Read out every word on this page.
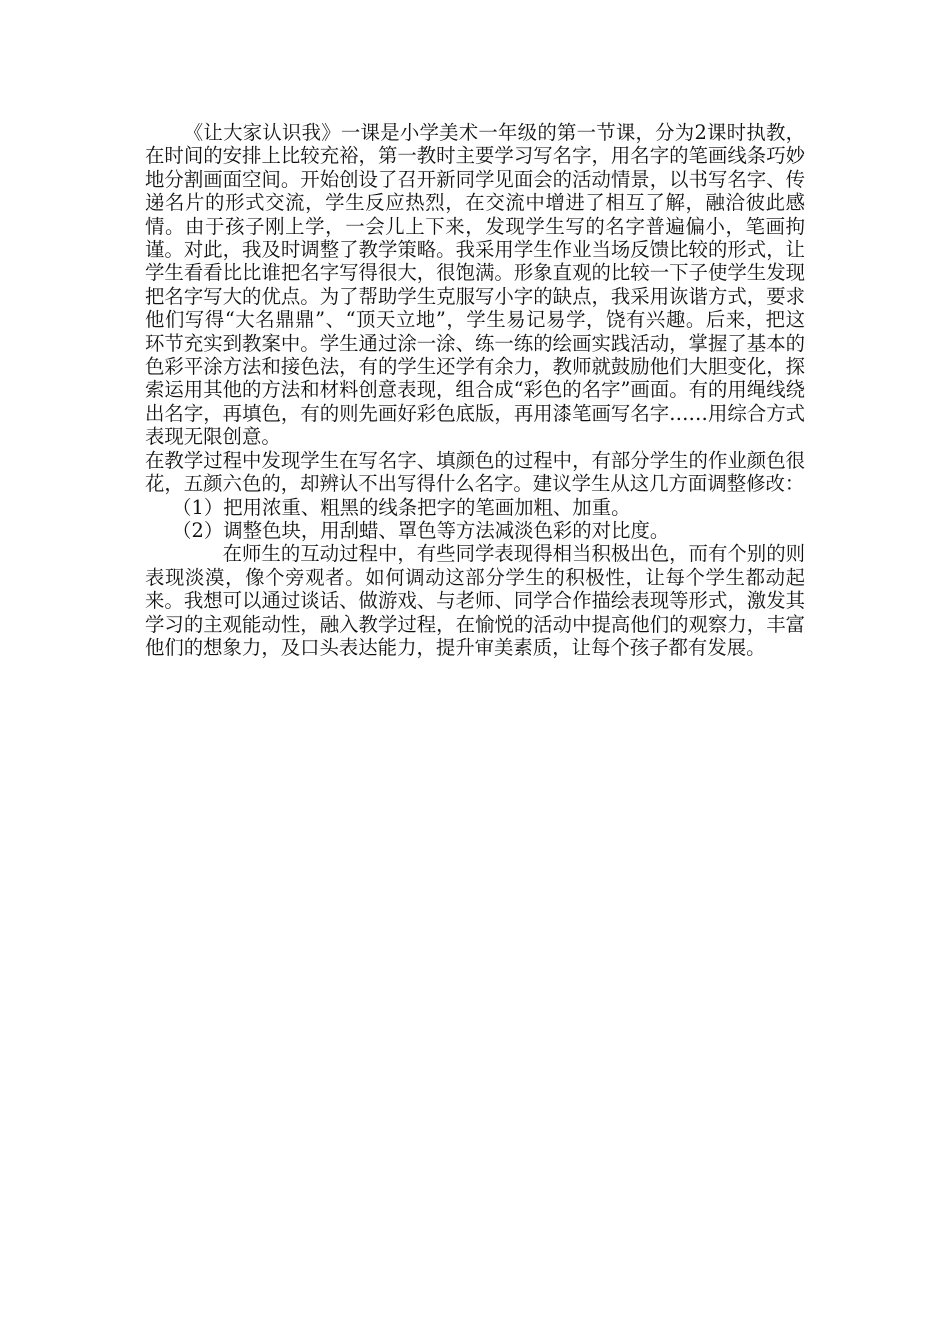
《让大家认识我》一课是小学美术一年级的第一节课，分为2课时执教，在时间的安排上比较充裕，第一教时主要学习写名字，用名字的笔画线条巧妙地分割画面空间。开始创设了召开新同学见面会的活动情景，以书写名字、传递名片的形式交流，学生反应热烈，在交流中增进了相互了解，融洽彼此感情。由于孩子刚上学，一会儿上下来，发现学生写的名字普遍偏小，笔画拘谨。对此，我及时调整了教学策略。我采用学生作业当场反馈比较的形式，让学生看看比比谁把名字写得很大，很饱满。形象直观的比较一下子使学生发现把名字写大的优点。为了帮助学生克服写小字的缺点，我采用诙谐方式，要求他们写得“大名鼎鼎”、“顶天立地”，学生易记易学，饶有兴趣。后来，把这环节充实到教案中。学生通过涂一涂、练一练的绘画实践活动，掌握了基本的色彩平涂方法和接色法，有的学生还学有余力，教师就鼓励他们大胆变化，探索运用其他的方法和材料创意表现，组合成“彩色的名字”画面。有的用绳线绕出名字，再填色，有的则先画好彩色底版，再用漆笔画写名字……用综合方式表现无限创意。

在教学过程中发现学生在写名字、填颜色的过程中，有部分学生的作业颜色很花，五颜六色的，却辨认不出写得什么名字。建议学生从这几方面调整修改：

（1）把用浓重、粗黑的线条把字的笔画加粗、加重。

（2）调整色块，用刮蜡、罩色等方法减淡色彩的对比度。

在师生的互动过程中，有些同学表现得相当积极出色，而有个别的则表现淡漠，像个旁观者。如何调动这部分学生的积极性，让每个学生都动起来。我想可以通过谈话、做游戏、与老师、同学合作描绘表现等形式，激发其学习的主观能动性，融入教学过程，在愉悦的活动中提高他们的观察力，丰富他们的想象力，及口头表达能力，提升审美素质，让每个孩子都有发展。
